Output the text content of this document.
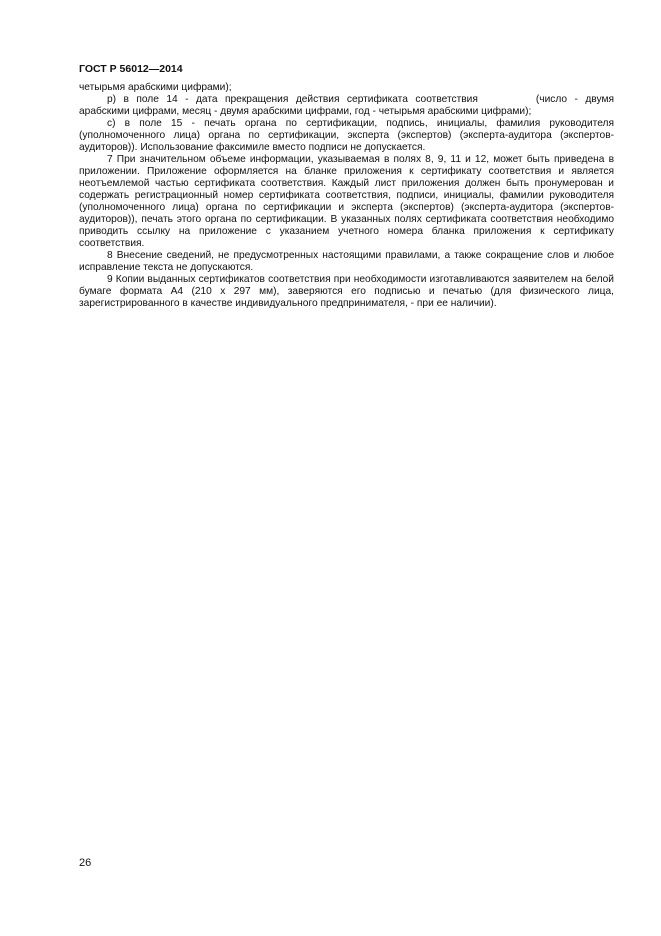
ГОСТ Р 56012—2014

четырьмя арабскими цифрами);

р) в поле 14 - дата прекращения действия сертификата соответствия	(число - двумя арабскими цифрами, месяц - двумя арабскими цифрами, год - четырьмя арабскими цифрами);

с) в поле 15 - печать органа по сертификации, подпись, инициалы, фамилия руководителя (уполномоченного лица) органа по сертификации, эксперта (экспертов) (эксперта-аудитора (экспертов-аудиторов)). Использование факсимиле вместо подписи не допускается.

7 При значительном объеме информации, указываемая в полях 8, 9, 11 и 12, может быть приведена в приложении. Приложение оформляется на бланке приложения к сертификату соответствия и является неотъемлемой частью сертификата соответствия. Каждый лист приложения должен быть пронумерован и содержать регистрационный номер сертификата соответствия, подписи, инициалы, фамилии руководителя (уполномоченного лица) органа по сертификации и эксперта (экспертов) (эксперта-аудитора (экспертов-аудиторов)), печать этого органа по сертификации. В указанных полях сертификата соответствия необходимо приводить ссылку на приложение с указанием учетного номера бланка приложения к сертификату соответствия.

8 Внесение сведений, не предусмотренных настоящими правилами, а также сокращение слов и любое исправление текста не допускаются.

9 Копии выданных сертификатов соответствия при необходимости изготавливаются заявителем на белой бумаге формата А4 (210 x 297 мм), заверяются его подписью и печатью (для физического лица, зарегистрированного в качестве индивидуального предпринимателя, - при ее наличии).

26
